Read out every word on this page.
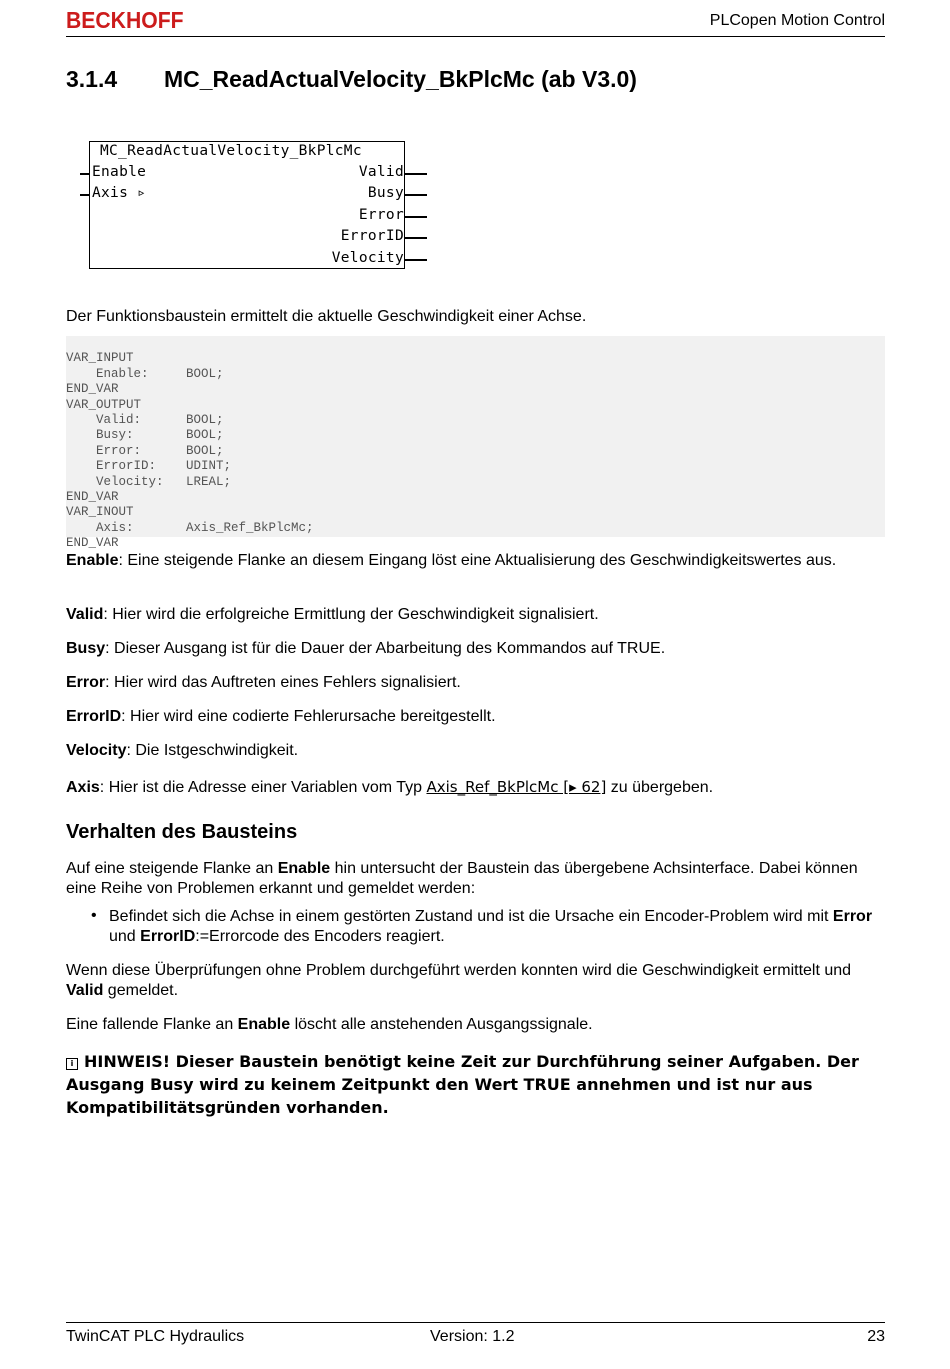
BECKHOFF	PLCopen Motion Control
3.1.4 MC_ReadActualVelocity_BkPlcMc (ab V3.0)
MC_ReadActualVelocity_BkPlcMc
Enable
Axis ▹
Valid
Busy
Error
ErrorID
Velocity
Der Funktionsbaustein ermittelt die aktuelle Geschwindigkeit einer Achse.

VAR_INPUT
Enable:     BOOL;
END_VAR
VAR_OUTPUT
Valid:      BOOL;
Busy:       BOOL;
Error:      BOOL;
ErrorID:    UDINT;
Velocity:   LREAL;
END_VAR
VAR_INOUT
Axis:       Axis_Ref_BkPlcMc;
END_VAR

Enable: Eine steigende Flanke an diesem Eingang löst eine Aktualisierung des Geschwindigkeitswertes aus.
Valid: Hier wird die erfolgreiche Ermittlung der Geschwindigkeit signalisiert.
Busy: Dieser Ausgang ist für die Dauer der Abarbeitung des Kommandos auf TRUE.
Error: Hier wird das Auftreten eines Fehlers signalisiert.
ErrorID: Hier wird eine codierte Fehlerursache bereitgestellt.
Velocity: Die Istgeschwindigkeit.
Axis: Hier ist die Adresse einer Variablen vom Typ Axis_Ref_BkPlcMc [▸ 62] zu übergeben.
Verhalten des Bausteins
Auf eine steigende Flanke an Enable hin untersucht der Baustein das übergebene Achsinterface. Dabei können eine Reihe von Problemen erkannt und gemeldet werden:
• Befindet sich die Achse in einem gestörten Zustand und ist die Ursache ein Encoder-Problem wird mit Error und ErrorID:=Errorcode des Encoders reagiert.
Wenn diese Überprüfungen ohne Problem durchgeführt werden konnten wird die Geschwindigkeit ermittelt und Valid gemeldet.
Eine fallende Flanke an Enable löscht alle anstehenden Ausgangssignale.
i HINWEIS! Dieser Baustein benötigt keine Zeit zur Durchführung seiner Aufgaben. Der Ausgang Busy wird zu keinem Zeitpunkt den Wert TRUE annehmen und ist nur aus Kompatibilitätsgründen vorhanden.
TwinCAT PLC Hydraulics	Version: 1.2	23
